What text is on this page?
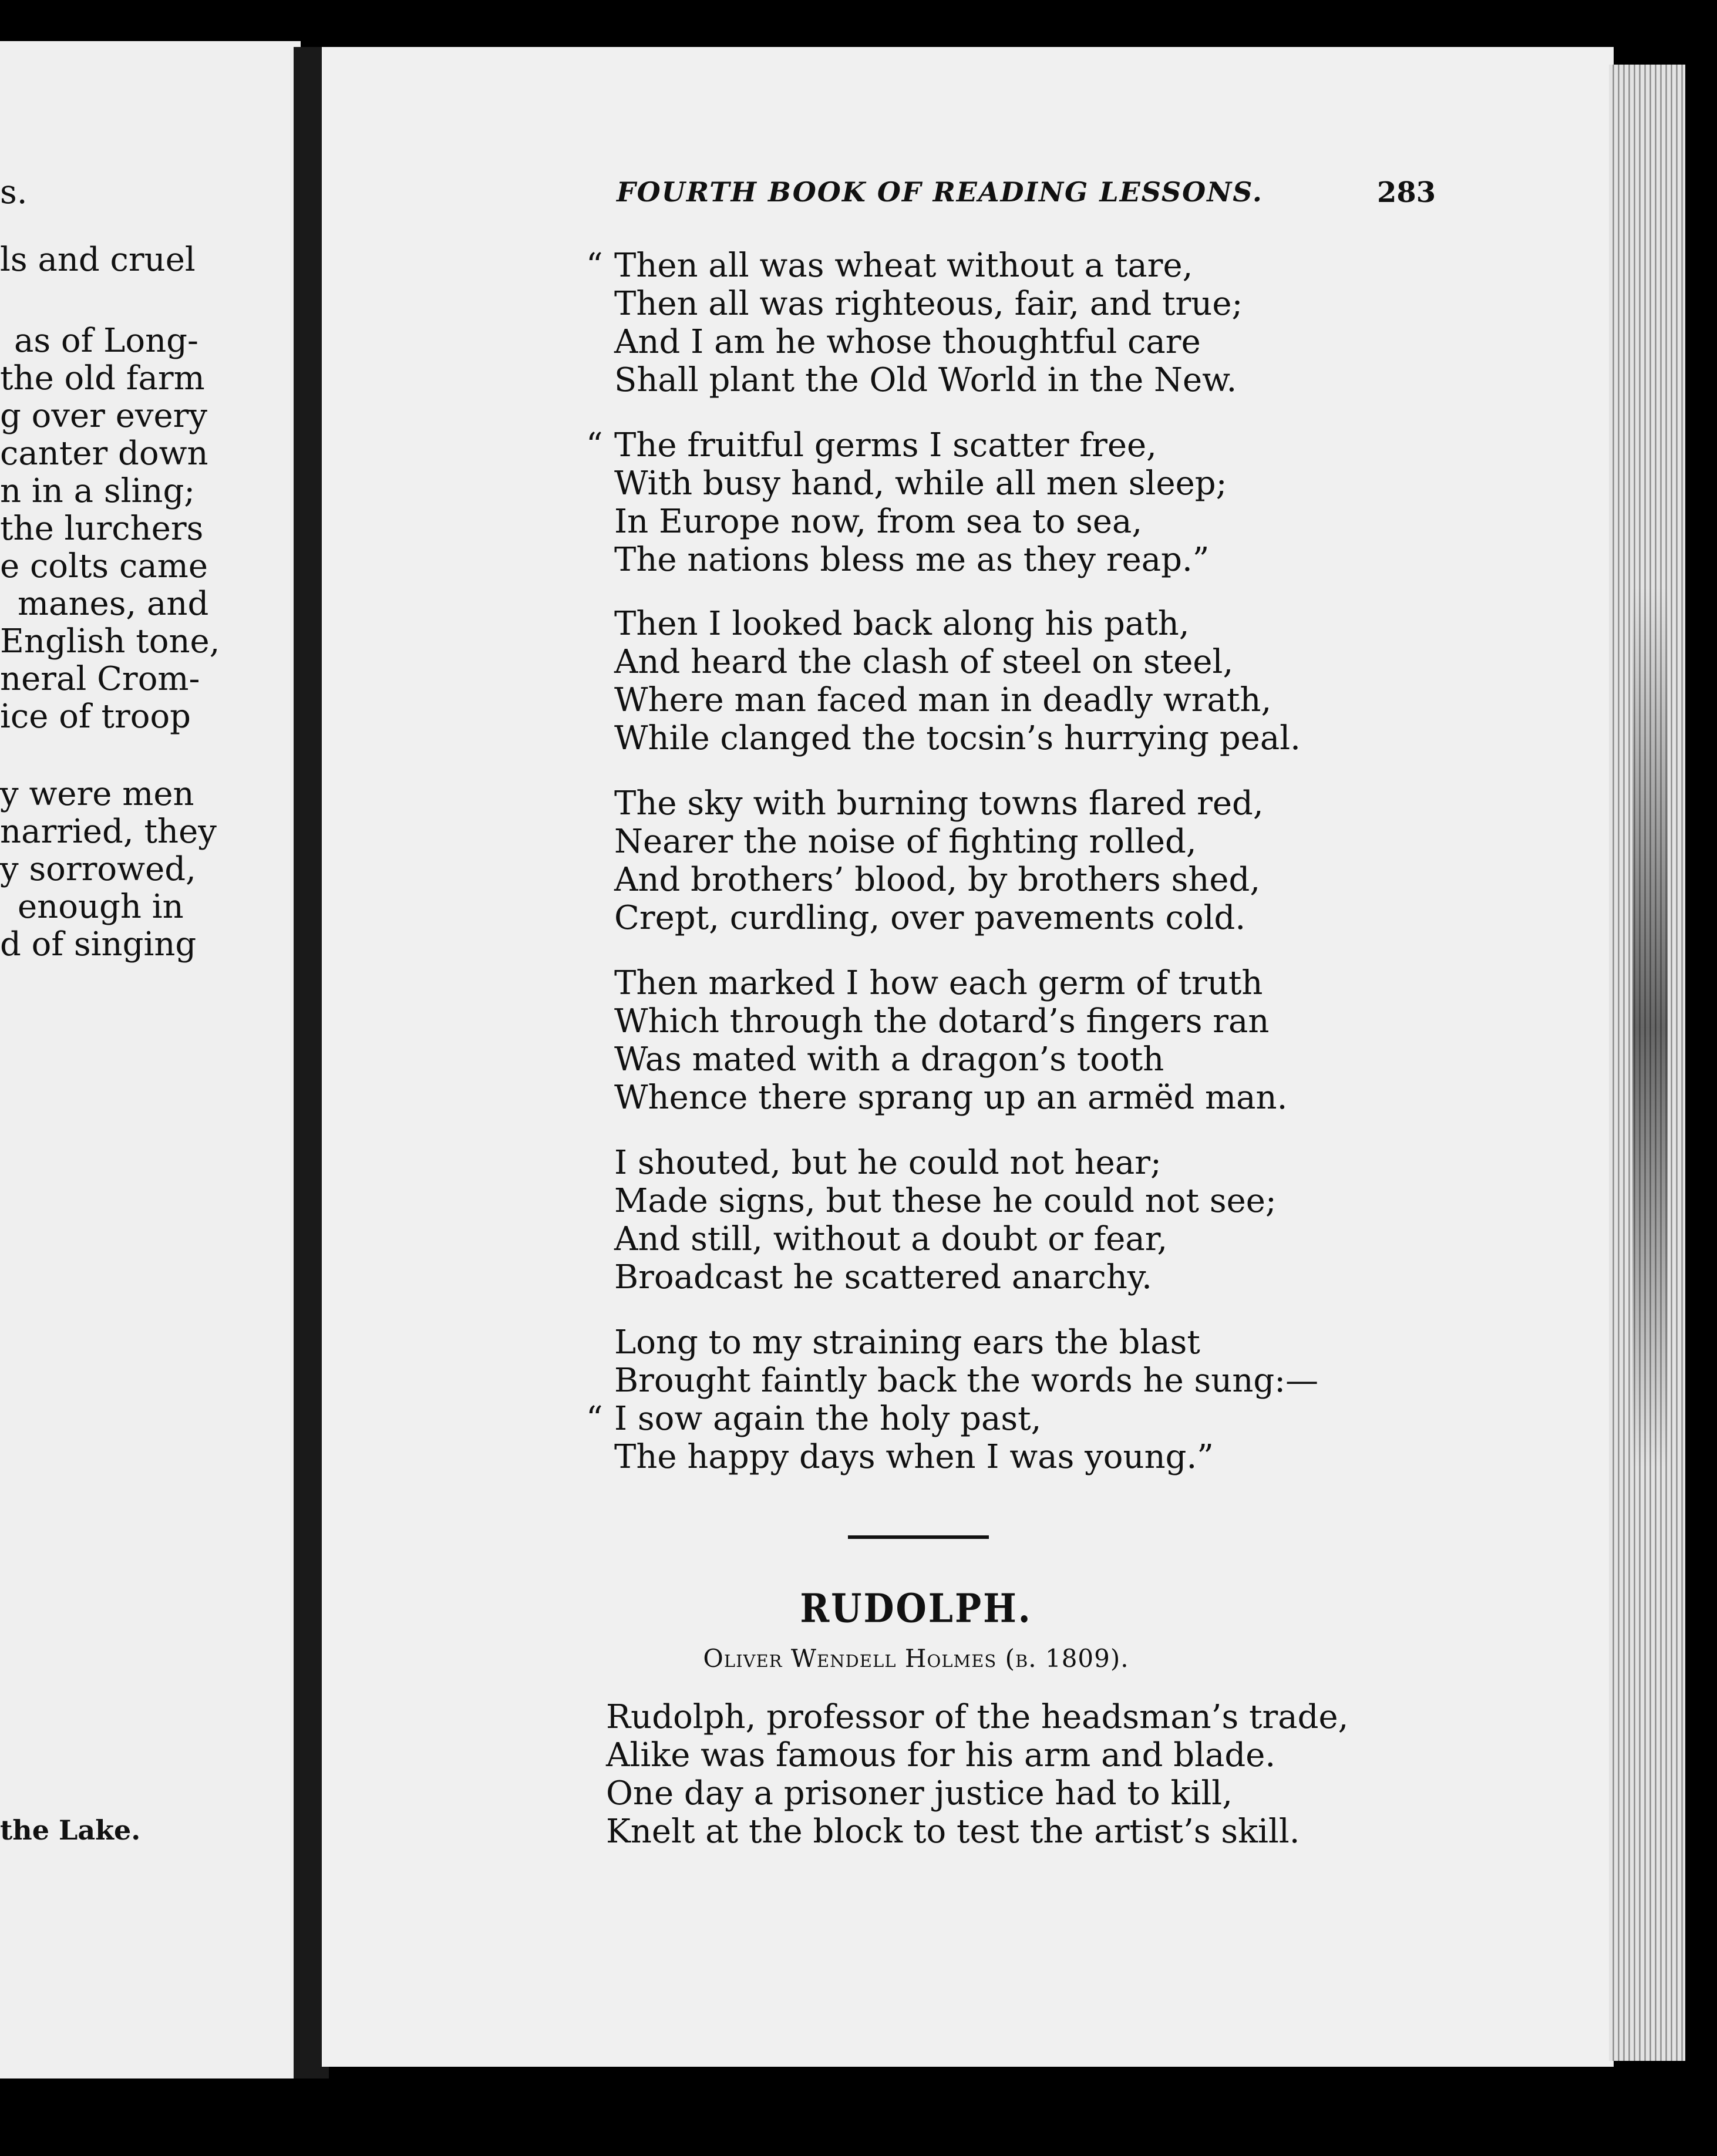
s.
ls and cruel
as of Long-
the old farm
g over every
canter down
n in a sling;
the lurchers
e colts came
manes, and
English tone,
neral Crom-
ice of troop
y were men
narried, they
y sorrowed,
enough in
d of singing
the Lake.
FOURTH BOOK OF READING LESSONS.	283
“ Then all was wheat without a tare,
Then all was righteous, fair, and true;
And I am he whose thoughtful care
Shall plant the Old World in the New.
“ The fruitful germs I scatter free,
With busy hand, while all men sleep;
In Europe now, from sea to sea,
The nations bless me as they reap.”
Then I looked back along his path,
And heard the clash of steel on steel,
Where man faced man in deadly wrath,
While clanged the tocsin’s hurrying peal.
The sky with burning towns flared red,
Nearer the noise of fighting rolled,
And brothers’ blood, by brothers shed,
Crept, curdling, over pavements cold.
Then marked I how each germ of truth
Which through the dotard’s fingers ran
Was mated with a dragon’s tooth
Whence there sprang up an armëd man.
I shouted, but he could not hear;
Made signs, but these he could not see;
And still, without a doubt or fear,
Broadcast he scattered anarchy.
Long to my straining ears the blast
Brought faintly back the words he sung:—
“ I sow again the holy past,
The happy days when I was young.”
RUDOLPH.
Oliver Wendell Holmes (b. 1809).
Rudolph, professor of the headsman’s trade,
Alike was famous for his arm and blade.
One day a prisoner justice had to kill,
Knelt at the block to test the artist’s skill.
